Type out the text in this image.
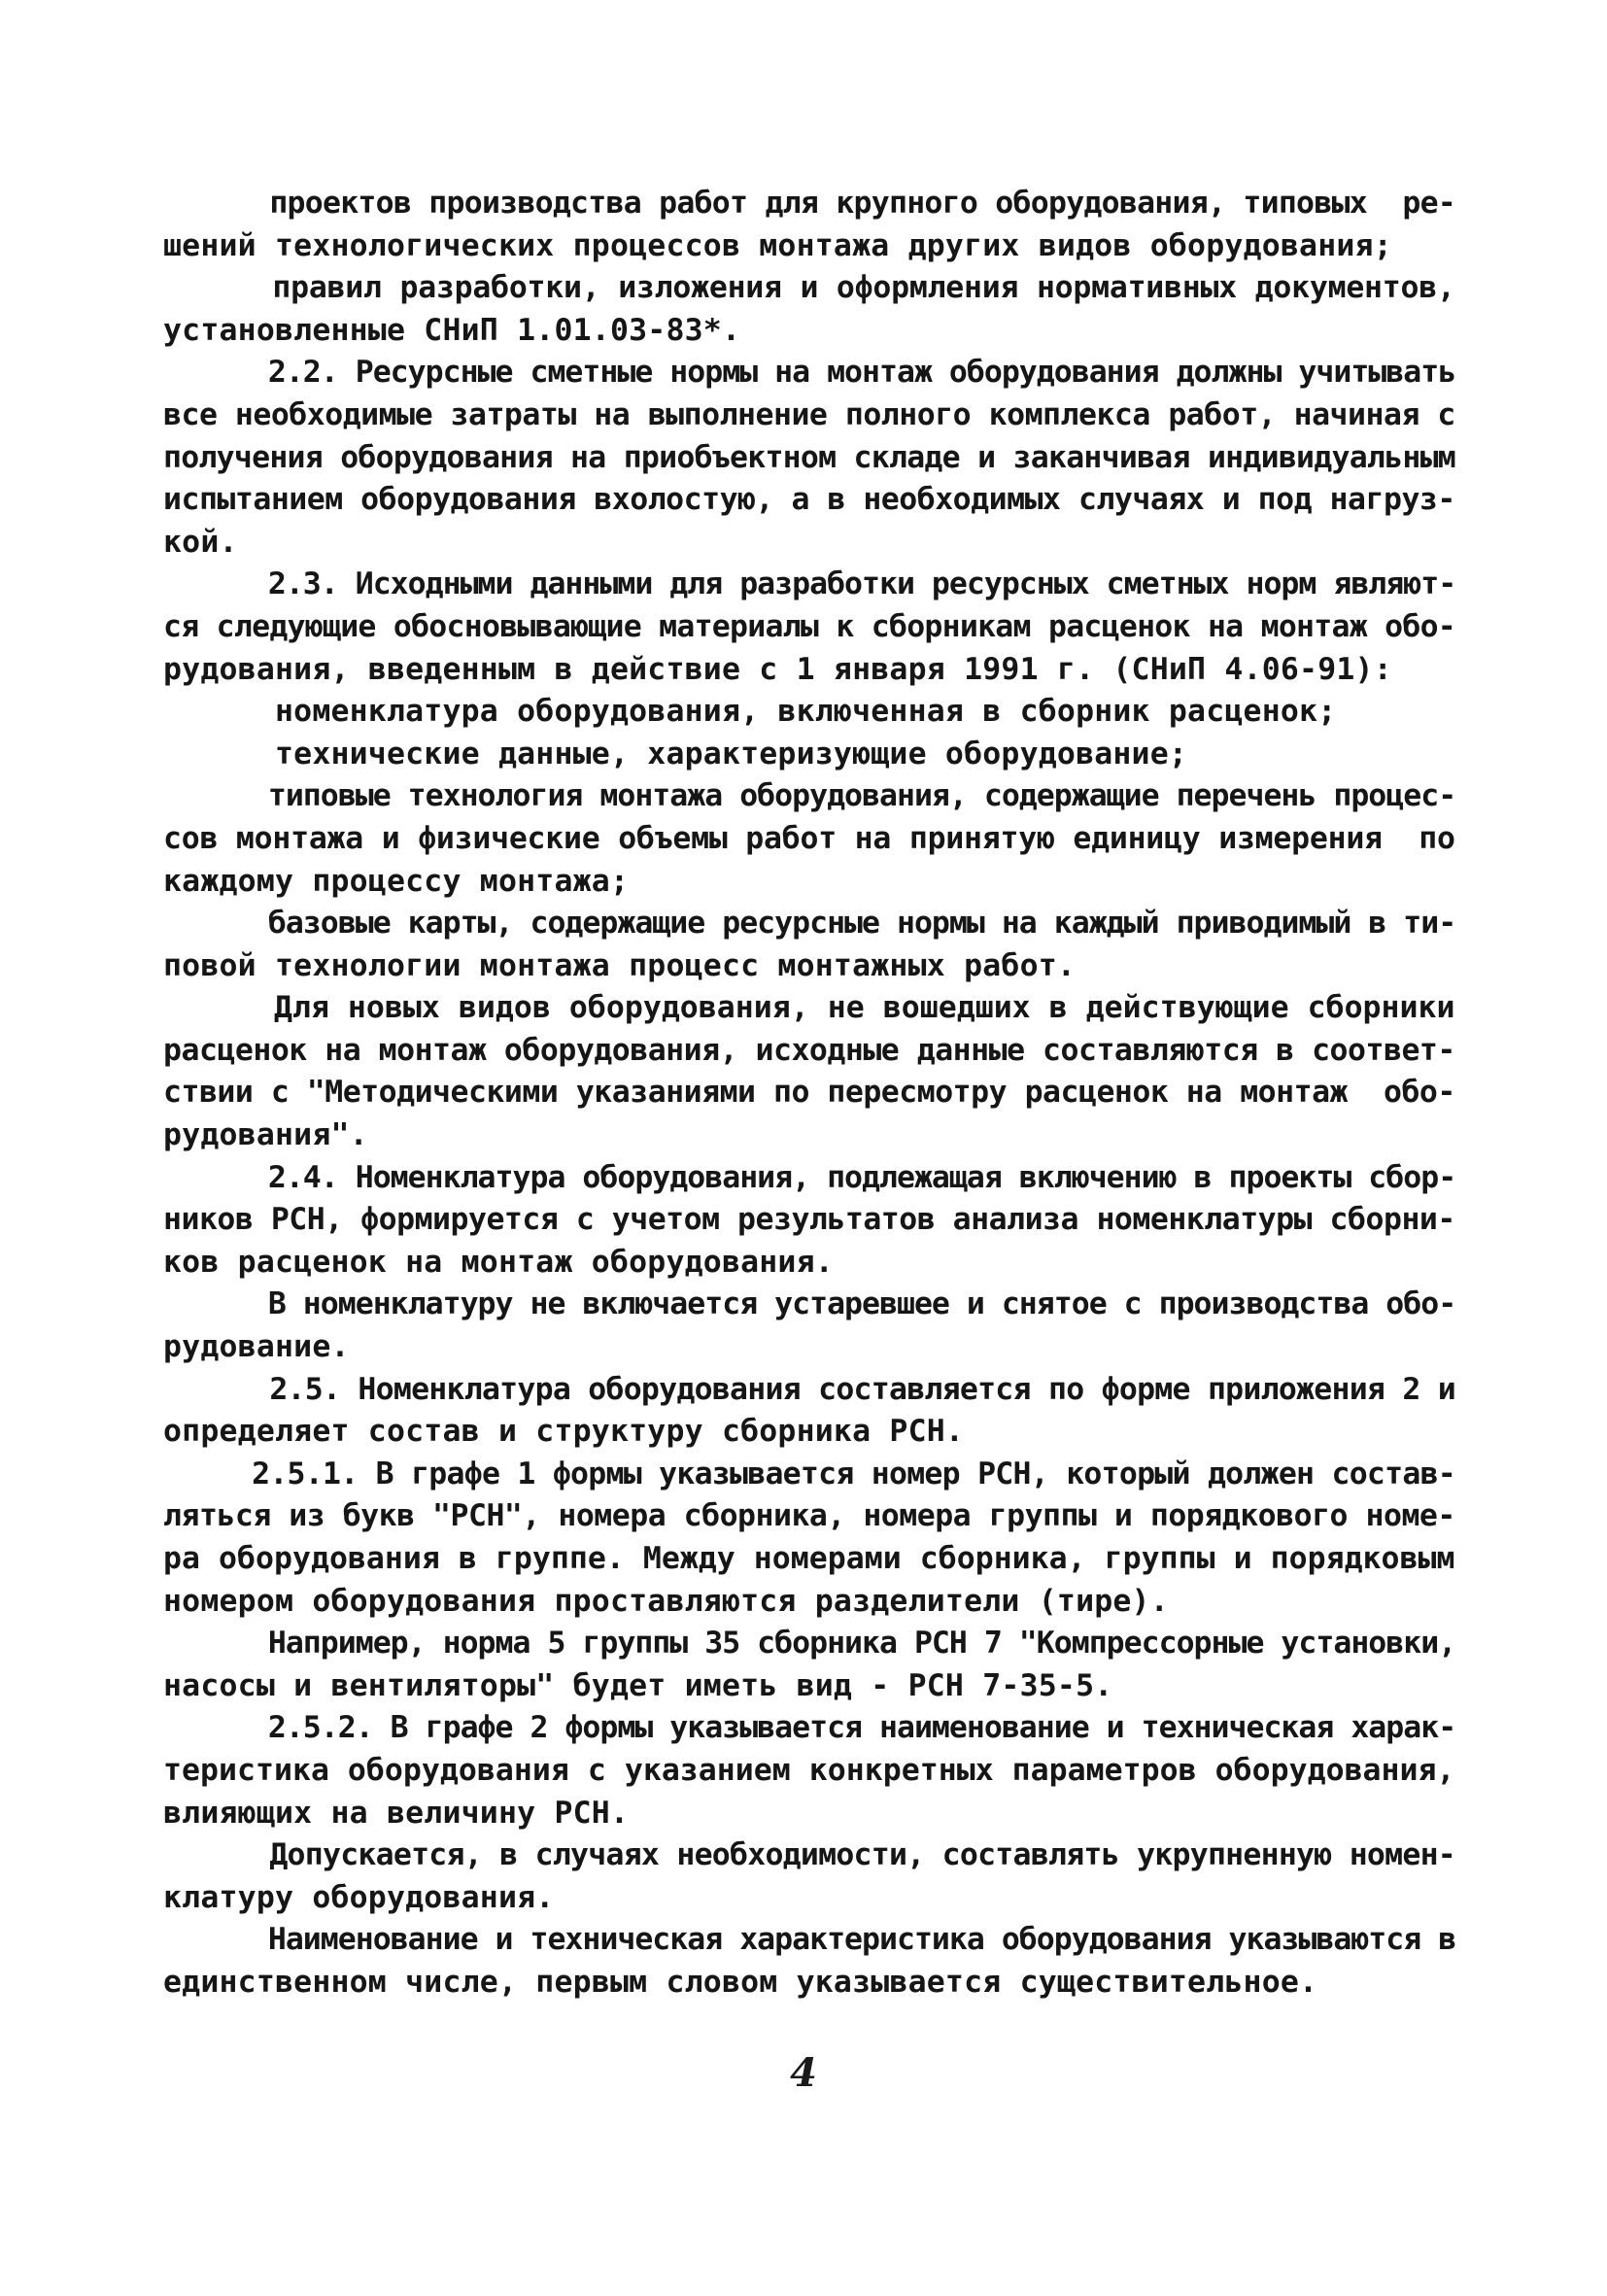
проектов производства работ для крупного оборудования, типовых  ре-
шений технологических процессов монтажа других видов оборудования;
правил разработки, изложения и оформления нормативных документов,
установленные СНиП 1.01.03-83*.
2.2. Ресурсные сметные нормы на монтаж оборудования должны учитывать
все необходимые затраты на выполнение полного комплекса работ, начиная с
получения оборудования на приобъектном складе и заканчивая индивидуальным
испытанием оборудования вхолостую, а в необходимых случаях и под нагруз-
кой.
2.3. Исходными данными для разработки ресурсных сметных норм являют-
ся следующие обосновывающие материалы к сборникам расценок на монтаж обо-
рудования, введенным в действие с 1 января 1991 г. (СНиП 4.06-91):
номенклатура оборудования, включенная в сборник расценок;
технические данные, характеризующие оборудование;
типовые технология монтажа оборудования, содержащие перечень процес-
сов монтажа и физические объемы работ на принятую единицу измерения  по
каждому процессу монтажа;
базовые карты, содержащие ресурсные нормы на каждый приводимый в ти-
повой технологии монтажа процесс монтажных работ.
Для новых видов оборудования, не вошедших в действующие сборники
расценок на монтаж оборудования, исходные данные составляются в соответ-
ствии с "Методическими указаниями по пересмотру расценок на монтаж  обо-
рудования".
2.4. Номенклатура оборудования, подлежащая включению в проекты сбор-
ников РСН, формируется с учетом результатов анализа номенклатуры сборни-
ков расценок на монтаж оборудования.
В номенклатуру не включается устаревшее и снятое с производства обо-
рудование.
2.5. Номенклатура оборудования составляется по форме приложения 2 и
определяет состав и структуру сборника РСН.
2.5.1. В графе 1 формы указывается номер РСН, который должен состав-
ляться из букв "РСН", номера сборника, номера группы и порядкового номе-
ра оборудования в группе. Между номерами сборника, группы и порядковым
номером оборудования проставляются разделители (тире).
Например, норма 5 группы 35 сборника РСН 7 "Компрессорные установки,
насосы и вентиляторы" будет иметь вид - РСН 7-35-5.
2.5.2. В графе 2 формы указывается наименование и техническая харак-
теристика оборудования с указанием конкретных параметров оборудования,
влияющих на величину РСН.
Допускается, в случаях необходимости, составлять укрупненную номен-
клатуру оборудования.
Наименование и техническая характеристика оборудования указываются в
единственном числе, первым словом указывается существительное.
4
